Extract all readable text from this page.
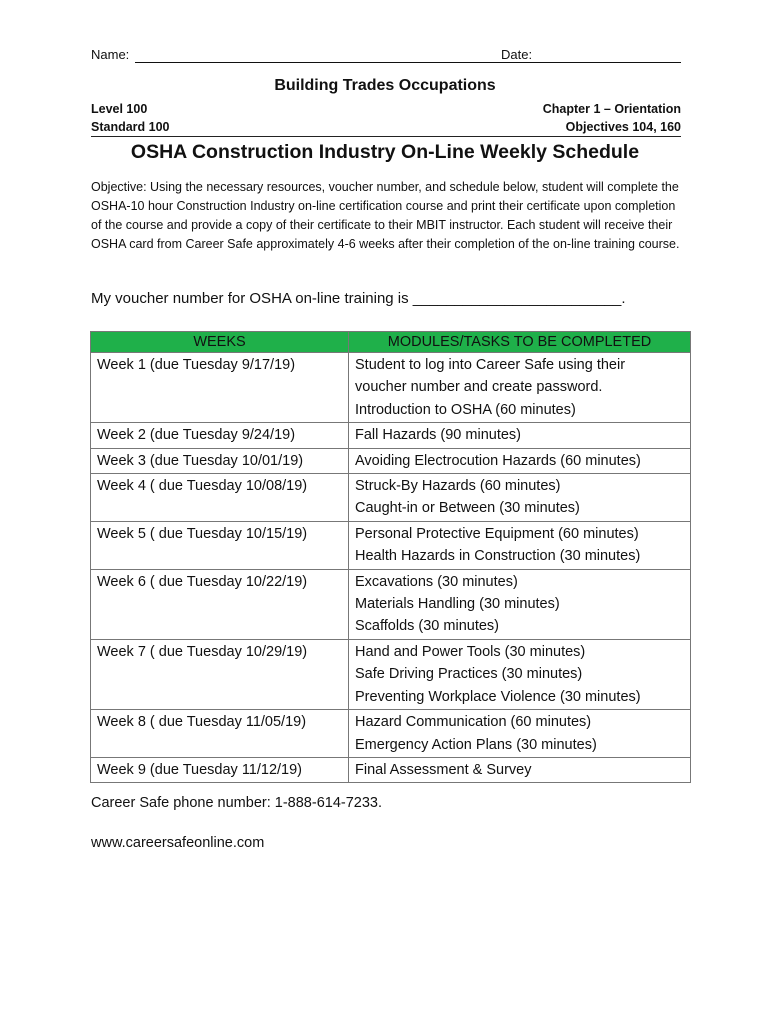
Name:	Date:
Building Trades Occupations
Level 100
Standard 100
Chapter 1 – Orientation
Objectives 104, 160
OSHA Construction Industry On-Line Weekly Schedule
Objective: Using the necessary resources, voucher number, and schedule below, student will complete the OSHA-10 hour Construction Industry on-line certification course and print their certificate upon completion of the course and provide a copy of their certificate to their MBIT instructor. Each student will receive their OSHA card from Career Safe approximately 4-6 weeks after their completion of the on-line training course.
My voucher number for OSHA on-line training is _________________________.
WEEKS	MODULES/TASKS TO BE COMPLETED
Week 1 (due Tuesday 9/17/19)	Student to log into Career Safe using their
voucher number and create password.
Introduction to OSHA (60 minutes)

Week 2 (due Tuesday 9/24/19)	Fall Hazards (90 minutes)

Week 3 (due Tuesday 10/01/19)	Avoiding Electrocution Hazards (60 minutes)

Week 4 ( due Tuesday 10/08/19)	Struck-By Hazards (60 minutes)
Caught-in or Between (30 minutes)

Week 5 ( due Tuesday 10/15/19)	Personal Protective Equipment (60 minutes)
Health Hazards in Construction (30 minutes)

Week 6 ( due Tuesday 10/22/19)	Excavations (30 minutes)
Materials Handling (30 minutes)
Scaffolds (30 minutes)

Week 7 ( due Tuesday 10/29/19)	Hand and Power Tools (30 minutes)
Safe Driving Practices (30 minutes)
Preventing Workplace Violence (30 minutes)

Week 8 ( due Tuesday 11/05/19)	Hazard Communication (60 minutes)
Emergency Action Plans (30 minutes)

Week 9 (due Tuesday 11/12/19)	Final Assessment & Survey
Career Safe phone number: 1-888-614-7233.
www.careersafeonline.com
